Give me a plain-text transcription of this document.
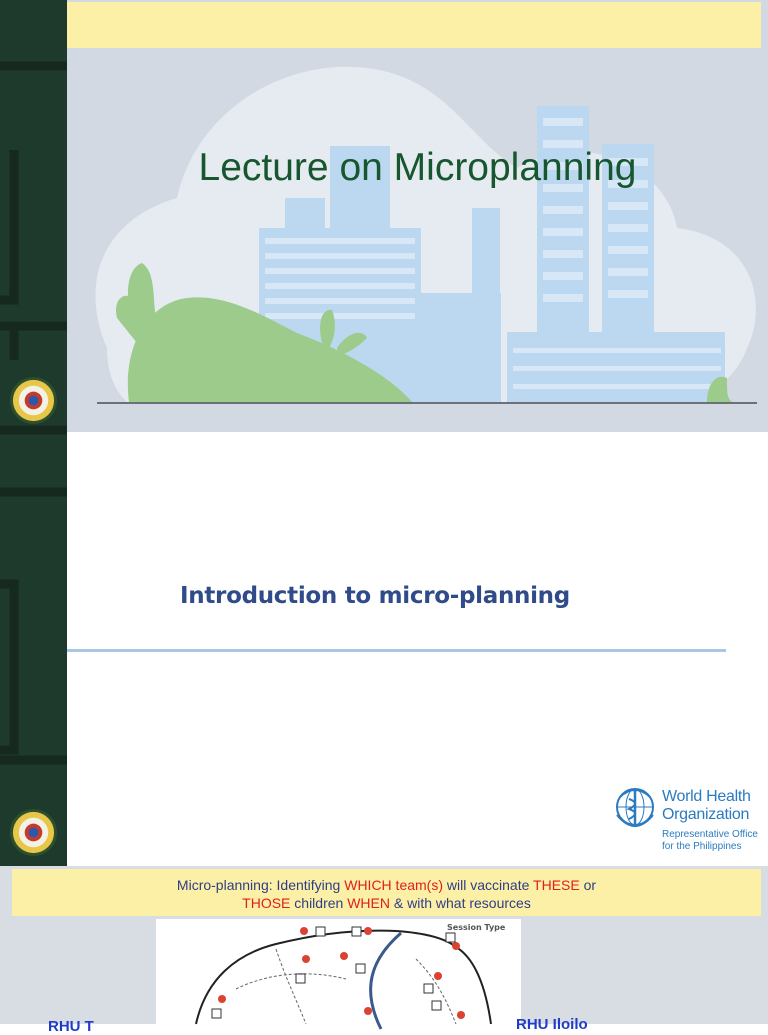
Lecture on Microplanning
Introduction to micro-planning
World Health
Organization
Representative Office
for the Philippines
Micro-planning: Identifying WHICH team(s) will vaccinate THESE or
THOSE children WHEN & with what resources
Session Type
RHU T	RHU Iloilo
